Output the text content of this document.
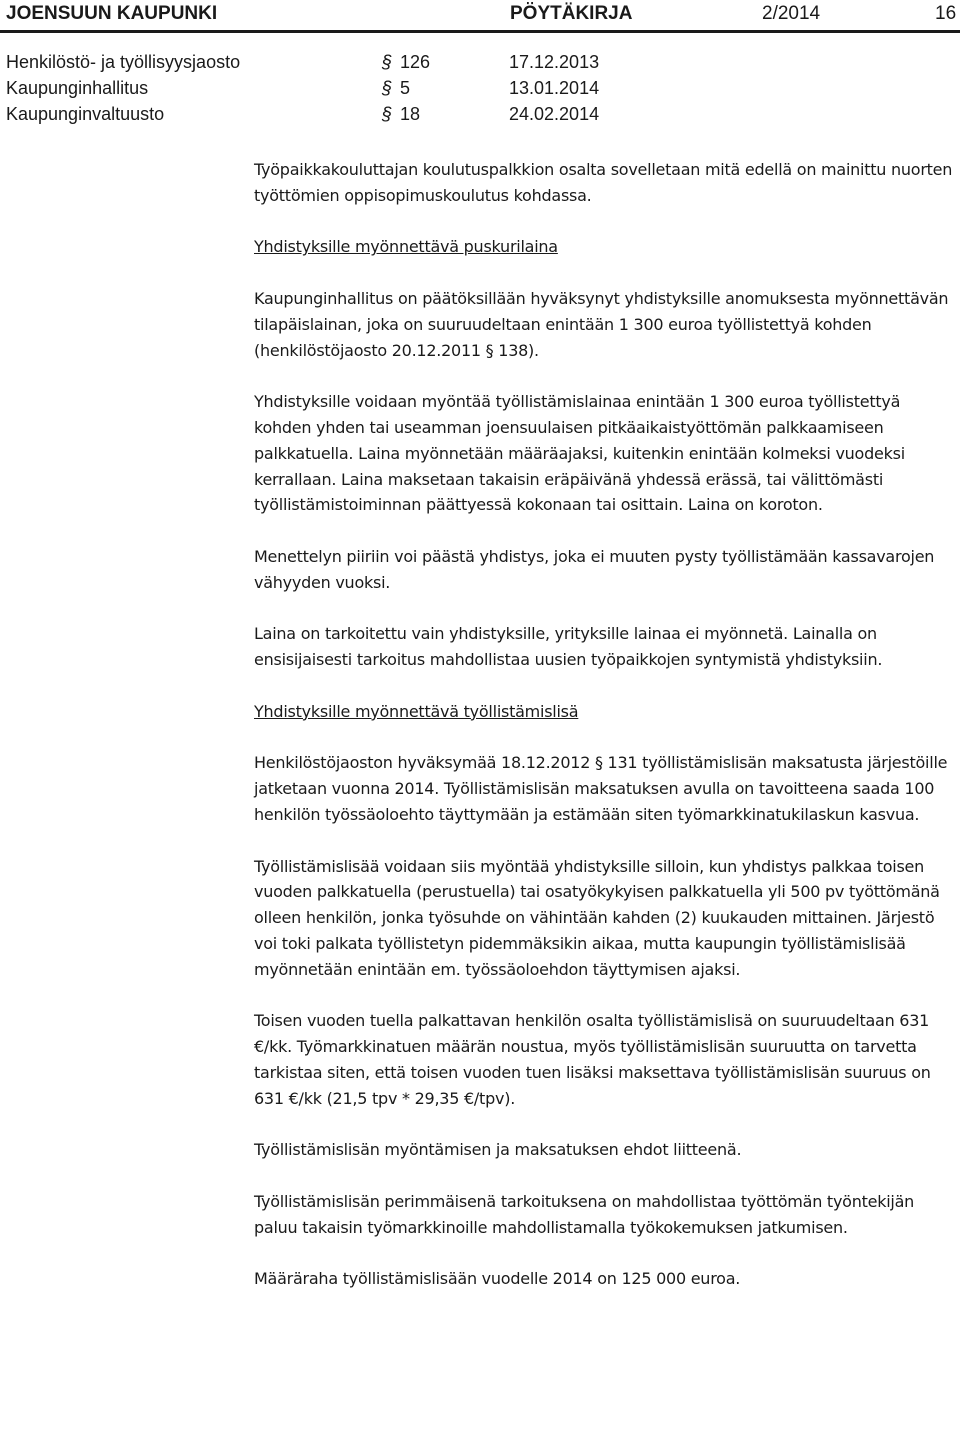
JOENSUUN KAUPUNKI	PÖYTÄKIRJA	2/2014	16
Henkilöstö- ja työllisyysjaosto	§ 126	17.12.2013
Kaupunginhallitus	§ 5	13.01.2014
Kaupunginvaltuusto	§ 18	24.02.2014

Työpaikkakouluttajan koulutuspalkkion osalta sovelletaan mitä edellä on mainittu nuorten työttömien oppisopimuskoulutus kohdassa.

Yhdistyksille myönnettävä puskurilaina

Kaupunginhallitus on päätöksillään hyväksynyt yhdistyksille anomuksesta myönnettävän tilapäislainan, joka on suuruudeltaan enintään 1 300 euroa työllistettyä kohden (henkilöstöjaosto 20.12.2011 § 138).

Yhdistyksille voidaan myöntää työllistämislainaa enintään 1 300 euroa työllistettyä kohden yhden tai useamman joensuulaisen pitkäaikaistyöttömän palkkaamiseen palkkatuella. Laina myönnetään määräajaksi, kuitenkin enintään kolmeksi vuodeksi kerrallaan. Laina maksetaan takaisin eräpäivänä yhdessä erässä, tai välittömästi työllistämistoiminnan päättyessä kokonaan tai osittain. Laina on koroton.

Menettelyn piiriin voi päästä yhdistys, joka ei muuten pysty työllistämään kassavarojen vähyyden vuoksi.

Laina on tarkoitettu vain yhdistyksille, yrityksille lainaa ei myönnetä. Lainalla on ensisijaisesti tarkoitus mahdollistaa uusien työpaikkojen syntymistä yhdistyksiin.

Yhdistyksille myönnettävä työllistämislisä

Henkilöstöjaoston hyväksymää 18.12.2012 § 131 työllistämislisän maksatusta järjestöille jatketaan vuonna 2014. Työllistämislisän maksatuksen avulla on tavoitteena saada 100 henkilön työssäoloehto täyttymään ja estämään siten työmarkkinatukilaskun kasvua.

Työllistämislisää voidaan siis myöntää yhdistyksille silloin, kun yhdistys palkkaa toisen vuoden palkkatuella (perustuella) tai osatyökykyisen palkkatuella yli 500 pv työttömänä olleen henkilön, jonka työsuhde on vähintään kahden (2) kuukauden mittainen. Järjestö voi toki palkata työllistetyn pidemmäksikin aikaa, mutta kaupungin työllistämislisää myönnetään enintään em. työssäoloehdon täyttymisen ajaksi.

Toisen vuoden tuella palkattavan henkilön osalta työllistämislisä on suuruudeltaan 631 €/kk. Työmarkkinatuen määrän noustua, myös työllistämislisän suuruutta on tarvetta tarkistaa siten, että toisen vuoden tuen lisäksi maksettava työllistämislisän suuruus on 631 €/kk (21,5 tpv * 29,35 €/tpv).

Työllistämislisän myöntämisen ja maksatuksen ehdot liitteenä.

Työllistämislisän perimmäisenä tarkoituksena on mahdollistaa työttömän työntekijän paluu takaisin työmarkkinoille mahdollistamalla työkokemuksen jatkumisen.

Määräraha työllistämislisään vuodelle 2014 on 125 000 euroa.
